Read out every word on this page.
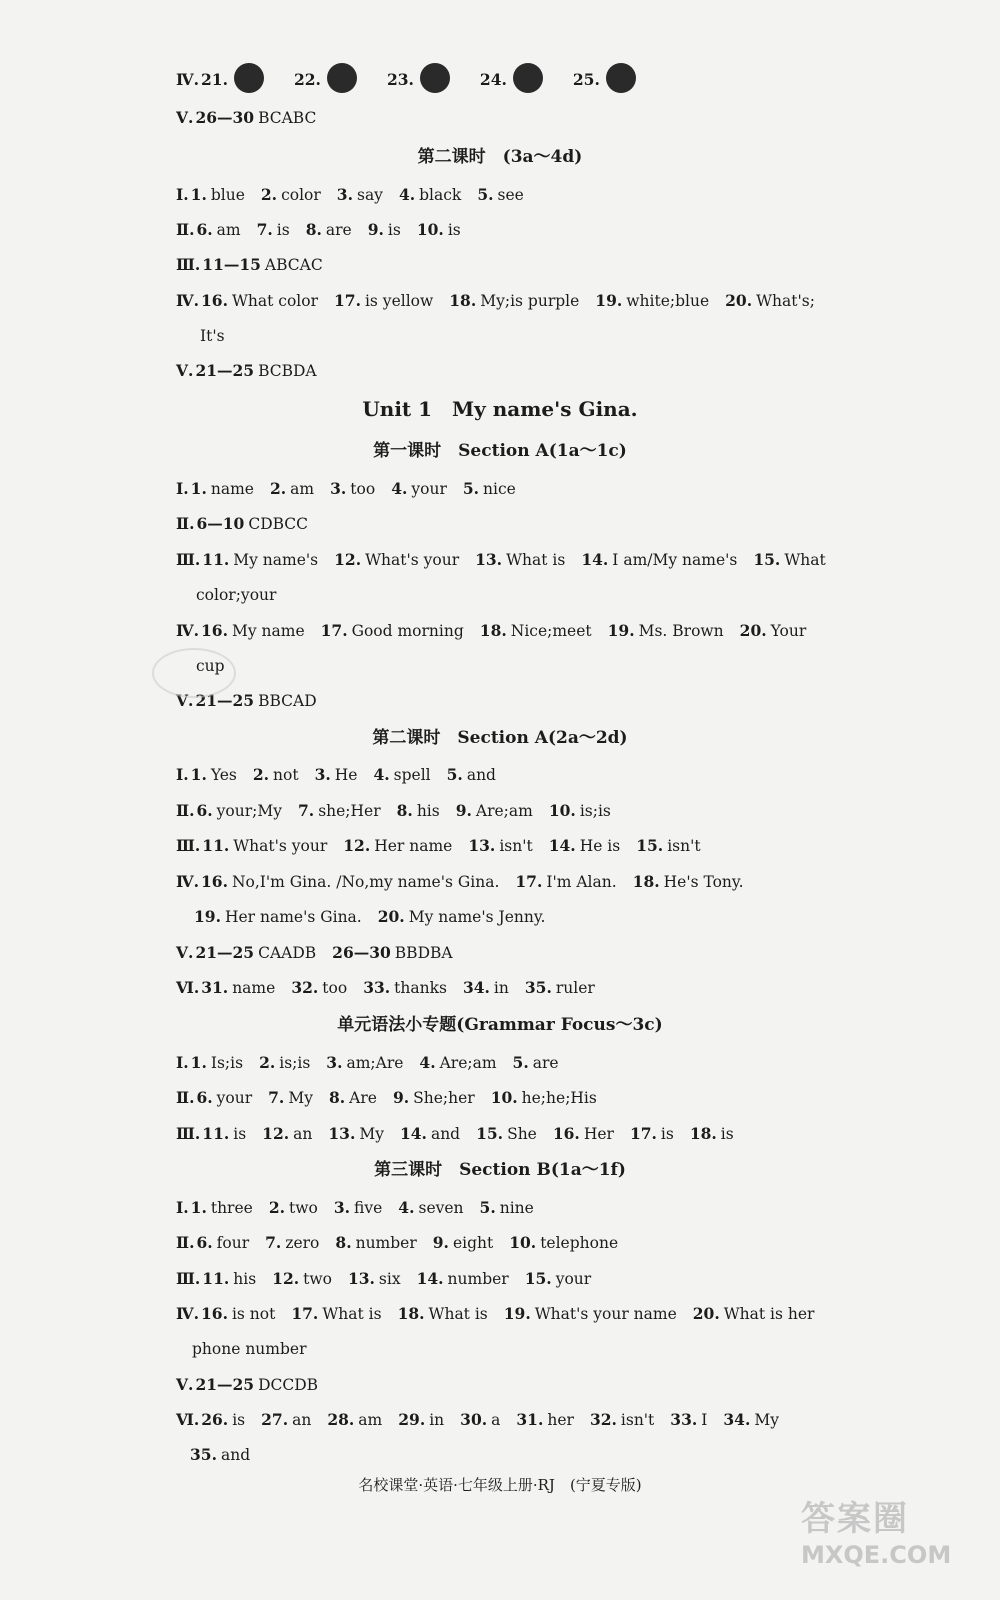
第二课时　(3a～4d)
Unit 1　My name's Gina.
第一课时　Section A(1a～1c)
第二课时　Section A(2a～2d)
单元语法小专题(Grammar Focus～3c)
第三课时　Section B(1a～1f)
Ⅳ. 21.	22.	23.	24.	25.
Ⅴ. 26—30 BCABC
Ⅰ. 1. blue 2. color 3. say 4. black 5. see
Ⅱ. 6. am 7. is 8. are 9. is 10. is
Ⅲ. 11—15 ABCAC
Ⅳ. 16. What color 17. is yellow 18. My;is purple 19. white;blue 20. What's;
It's
Ⅴ. 21—25 BCBDA
Ⅰ. 1. name 2. am 3. too 4. your 5. nice
Ⅱ. 6—10 CDBCC
Ⅲ. 11. My name's 12. What's your 13. What is 14. I am/My name's 15. What
color;your
Ⅳ. 16. My name 17. Good morning 18. Nice;meet 19. Ms. Brown 20. Your
cup
Ⅴ. 21—25 BBCAD
Ⅰ. 1. Yes 2. not 3. He 4. spell 5. and
Ⅱ. 6. your;My 7. she;Her 8. his 9. Are;am 10. is;is
Ⅲ. 11. What's your 12. Her name 13. isn't 14. He is 15. isn't
Ⅳ. 16. No,I'm Gina. /No,my name's Gina. 17. I'm Alan. 18. He's Tony.
19. Her name's Gina. 20. My name's Jenny.
Ⅴ. 21—25 CAADB 26—30 BBDBA
Ⅵ. 31. name 32. too 33. thanks 34. in 35. ruler
Ⅰ. 1. Is;is 2. is;is 3. am;Are 4. Are;am 5. are
Ⅱ. 6. your 7. My 8. Are 9. She;her 10. he;he;His
Ⅲ. 11. is 12. an 13. My 14. and 15. She 16. Her 17. is 18. is
Ⅰ. 1. three 2. two 3. five 4. seven 5. nine
Ⅱ. 6. four 7. zero 8. number 9. eight 10. telephone
Ⅲ. 11. his 12. two 13. six 14. number 15. your
Ⅳ. 16. is not 17. What is 18. What is 19. What's your name 20. What is her
phone number
Ⅴ. 21—25 DCCDB
Ⅵ. 26. is 27. an 28. am 29. in 30. a 31. her 32. isn't 33. I 34. My
35. and
名校课堂·英语·七年级上册·RJ　(宁夏专版)
答案圈
MXQE.COM
